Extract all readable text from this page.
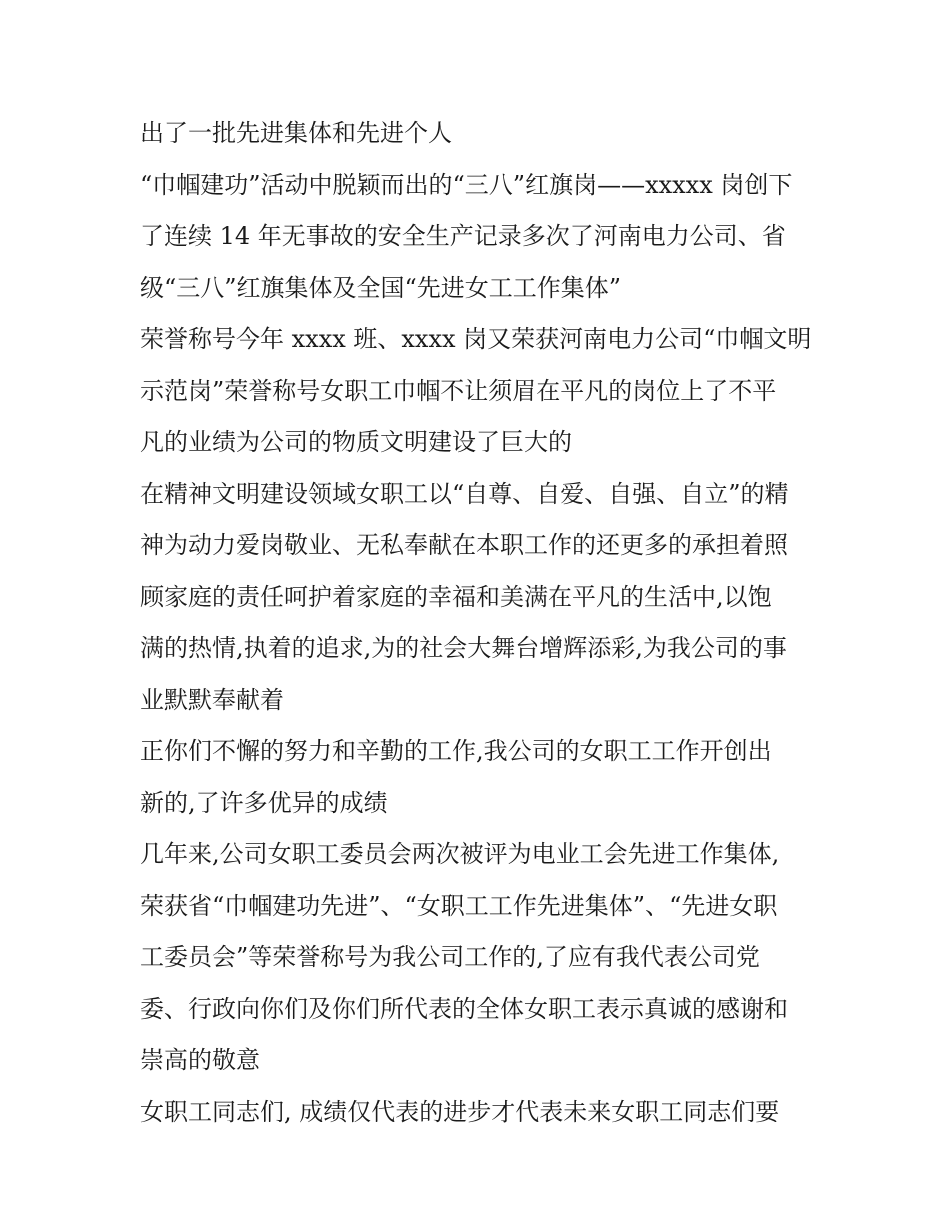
出了一批先进集体和先进个人
“巾帼建功”活动中脱颖而出的“三八”红旗岗——xxxxx 岗创下
了连续 14 年无事故的安全生产记录多次了河南电力公司、省
级“三八”红旗集体及全国“先进女工工作集体”
荣誉称号今年 xxxx 班、xxxx 岗又荣获河南电力公司“巾帼文明
示范岗”荣誉称号女职工巾帼不让须眉在平凡的岗位上了不平
凡的业绩为公司的物质文明建设了巨大的
在精神文明建设领域女职工以“自尊、自爱、自强、自立”的精
神为动力爱岗敬业、无私奉献在本职工作的还更多的承担着照
顾家庭的责任呵护着家庭的幸福和美满在平凡的生活中,以饱
满的热情,执着的追求,为的社会大舞台增辉添彩,为我公司的事
业默默奉献着
正你们不懈的努力和辛勤的工作,我公司的女职工工作开创出
新的,了许多优异的成绩
几年来,公司女职工委员会两次被评为电业工会先进工作集体,
荣获省“巾帼建功先进”、“女职工工作先进集体”、“先进女职
工委员会”等荣誉称号为我公司工作的,了应有我代表公司党
委、行政向你们及你们所代表的全体女职工表示真诚的感谢和
崇高的敬意
女职工同志们, 成绩仅代表的进步才代表未来女职工同志们要
